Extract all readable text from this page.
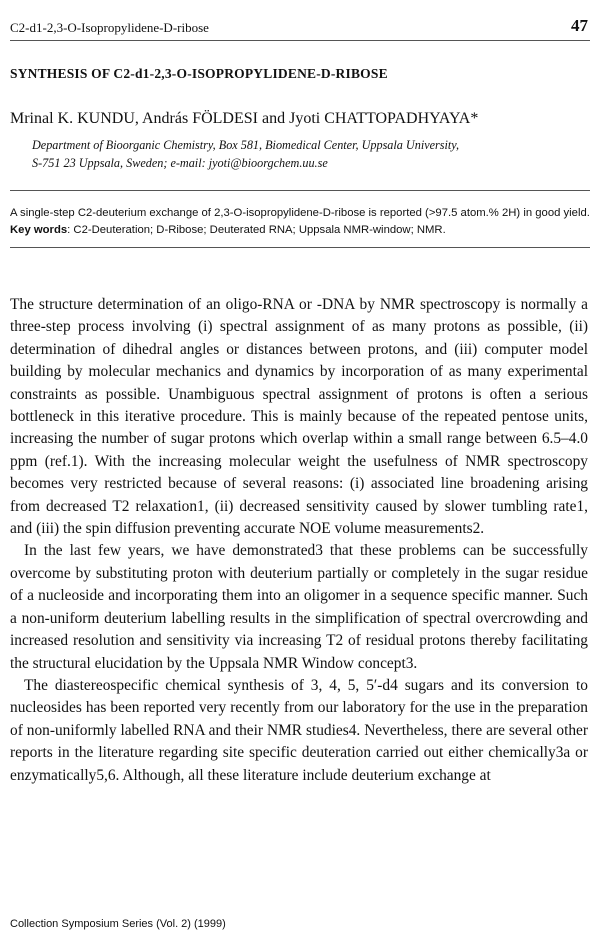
C2-d1-2,3-O-Isopropylidene-D-ribose	47
SYNTHESIS OF C2-d1-2,3-O-ISOPROPYLIDENE-D-RIBOSE
Mrinal K. KUNDU, András FÖLDESI and Jyoti CHATTOPADHYAYA*
Department of Bioorganic Chemistry, Box 581, Biomedical Center, Uppsala University,
S-751 23 Uppsala, Sweden; e-mail: jyoti@bioorgchem.uu.se

A single-step C2-deuterium exchange of 2,3-O-isopropylidene-D-ribose is reported (>97.5 atom.% 2H) in good yield.

Key words: C2-Deuteration; D-Ribose; Deuterated RNA; Uppsala NMR-window; NMR.

The structure determination of an oligo-RNA or -DNA by NMR spectroscopy is normally a three-step process involving (i) spectral assignment of as many protons as possible, (ii) determination of dihedral angles or distances between protons, and (iii) computer model building by molecular mechanics and dynamics by incorporation of as many experimental constraints as possible. Unambiguous spectral assignment of protons is often a serious bottleneck in this iterative procedure. This is mainly because of the repeated pentose units, increasing the number of sugar protons which overlap within a small range between 6.5–4.0 ppm (ref.1). With the increasing molecular weight the usefulness of NMR spectroscopy becomes very restricted because of several reasons: (i) associated line broadening arising from decreased T2 relaxation1, (ii) decreased sensitivity caused by slower tumbling rate1, and (iii) the spin diffusion preventing accurate NOE volume measurements2.

In the last few years, we have demonstrated3 that these problems can be successfully overcome by substituting proton with deuterium partially or completely in the sugar residue of a nucleoside and incorporating them into an oligomer in a sequence specific manner. Such a non-uniform deuterium labelling results in the simplification of spectral overcrowding and increased resolution and sensitivity via increasing T2 of residual protons thereby facilitating the structural elucidation by the Uppsala NMR Window concept3.

The diastereospecific chemical synthesis of 3, 4, 5, 5′-d4 sugars and its conversion to nucleosides has been reported very recently from our laboratory for the use in the preparation of non-uniformly labelled RNA and their NMR studies4. Nevertheless, there are several other reports in the literature regarding site specific deuteration carried out either chemically3a or enzymatically5,6. Although, all these literature include deuterium exchange at

Collection Symposium Series (Vol. 2) (1999)
